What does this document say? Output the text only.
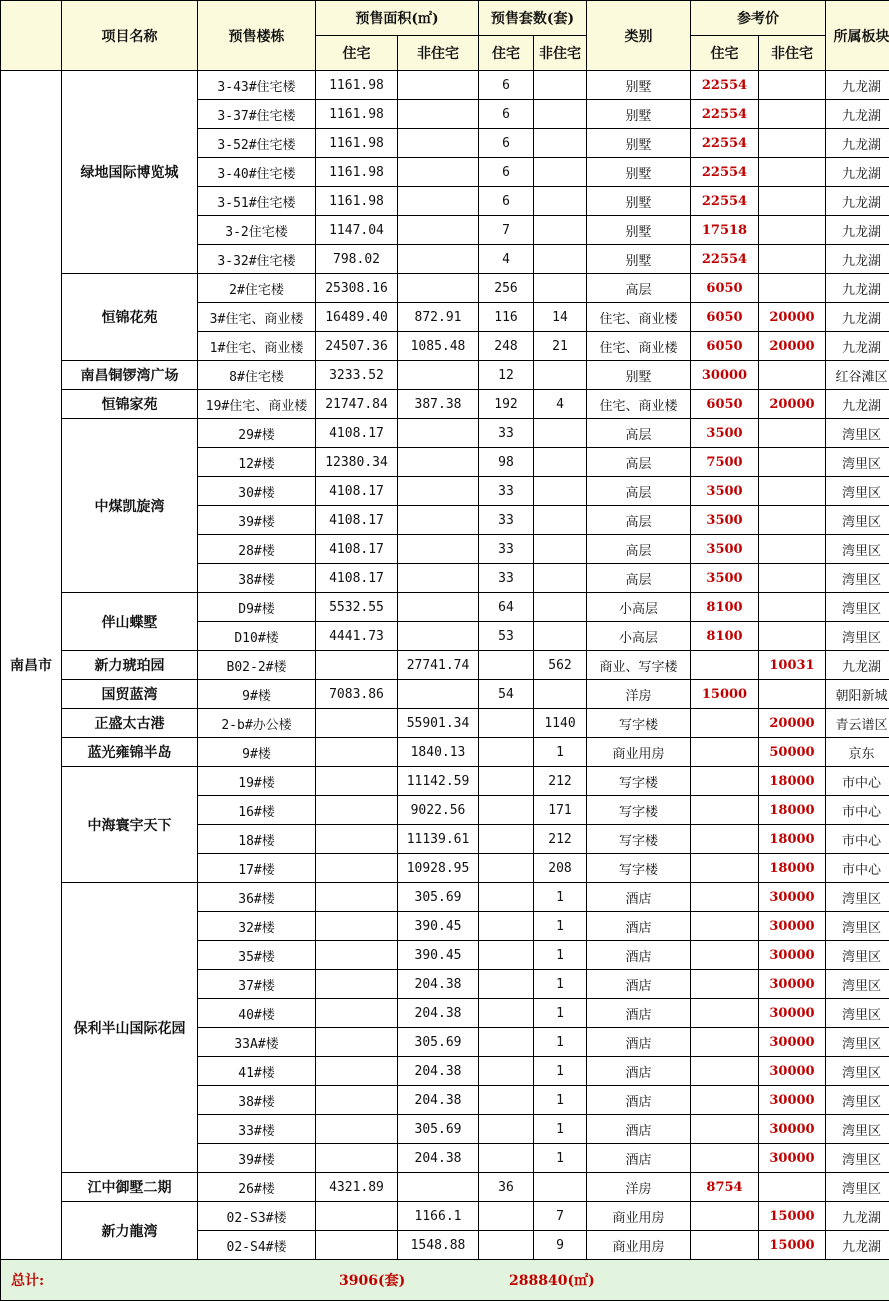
	项目名称	预售楼栋	预售面积(㎡)		预售套数(套)		类别	参考价		所属板块
			住宅	非住宅	住宅	非住宅		住宅	非住宅	
南昌市	绿地国际博览城	3-43#住宅楼	1161.98		6		别墅	22554		九龙湖
		3-37#住宅楼	1161.98		6		别墅	22554		九龙湖
		3-52#住宅楼	1161.98		6		别墅	22554		九龙湖
		3-40#住宅楼	1161.98		6		别墅	22554		九龙湖
		3-51#住宅楼	1161.98		6		别墅	22554		九龙湖
		3-2住宅楼	1147.04		7		别墅	17518		九龙湖
		3-32#住宅楼	798.02		4		别墅	22554		九龙湖
	恒锦花苑	2#住宅楼	25308.16		256		高层	6050		九龙湖
		3#住宅、商业楼	16489.40	872.91	116	14	住宅、商业楼	6050	20000	九龙湖
		1#住宅、商业楼	24507.36	1085.48	248	21	住宅、商业楼	6050	20000	九龙湖
	南昌铜锣湾广场	8#住宅楼	3233.52		12		别墅	30000		红谷滩区
	恒锦家苑	19#住宅、商业楼	21747.84	387.38	192	4	住宅、商业楼	6050	20000	九龙湖
	中煤凯旋湾	29#楼	4108.17		33		高层	3500		湾里区
		12#楼	12380.34		98		高层	7500		湾里区
		30#楼	4108.17		33		高层	3500		湾里区
		39#楼	4108.17		33		高层	3500		湾里区
		28#楼	4108.17		33		高层	3500		湾里区
		38#楼	4108.17		33		高层	3500		湾里区
	伴山蝶墅	D9#楼	5532.55		64		小高层	8100		湾里区
		D10#楼	4441.73		53		小高层	8100		湾里区
	新力琥珀园	B02-2#楼		27741.74		562	商业、写字楼		10031	九龙湖
	国贸蓝湾	9#楼	7083.86		54		洋房	15000		朝阳新城
	正盛太古港	2-b#办公楼		55901.34		1140	写字楼		20000	青云谱区
	蓝光雍锦半岛	9#楼		1840.13		1	商业用房		50000	京东
	中海寰宇天下	19#楼		11142.59		212	写字楼		18000	市中心
		16#楼		9022.56		171	写字楼		18000	市中心
		18#楼		11139.61		212	写字楼		18000	市中心
		17#楼		10928.95		208	写字楼		18000	市中心
	保利半山国际花园	36#楼		305.69		1	酒店		30000	湾里区
		32#楼		390.45		1	酒店		30000	湾里区
		35#楼		390.45		1	酒店		30000	湾里区
		37#楼		204.38		1	酒店		30000	湾里区
		40#楼		204.38		1	酒店		30000	湾里区
		33A#楼		305.69		1	酒店		30000	湾里区
		41#楼		204.38		1	酒店		30000	湾里区
		38#楼		204.38		1	酒店		30000	湾里区
		33#楼		305.69		1	酒店		30000	湾里区
		39#楼		204.38		1	酒店		30000	湾里区
	江中御墅二期	26#楼	4321.89		36		洋房	8754		湾里区
	新力龍湾	02-S3#楼		1166.1		7	商业用房		15000	九龙湖
		02-S4#楼		1548.88		9	商业用房		15000	九龙湖
总计: 3906(套) 288840(㎡)										
